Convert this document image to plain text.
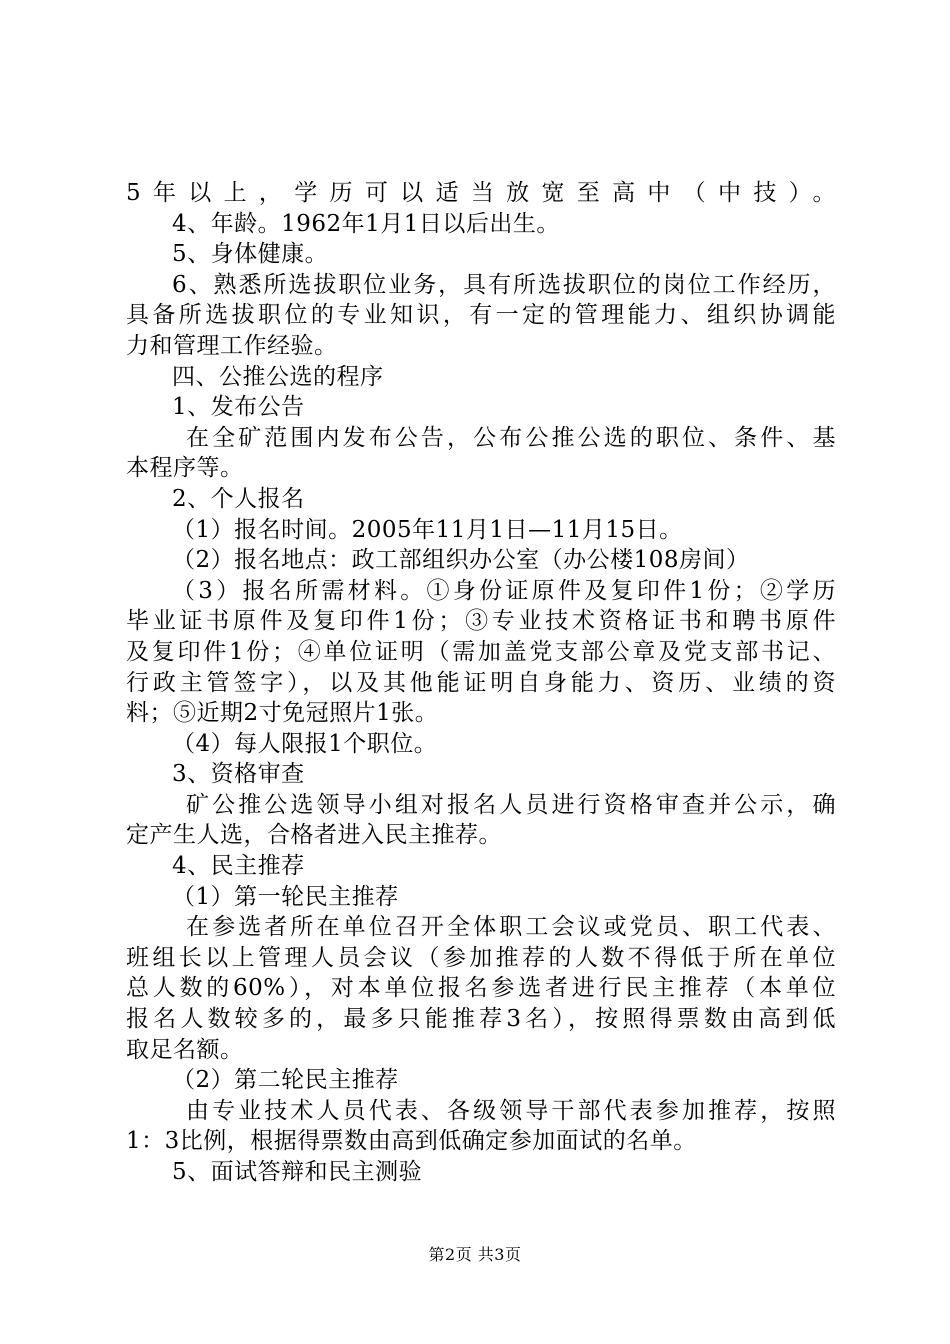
5年以上，学历可以适当放宽至高中（中技）。
4、年龄。1962年1月1日以后出生。
5、身体健康。
6、熟悉所选拔职位业务，具有所选拔职位的岗位工作经历，
具备所选拔职位的专业知识，有一定的管理能力、组织协调能
力和管理工作经验。
四、公推公选的程序
1、发布公告
在全矿范围内发布公告，公布公推公选的职位、条件、基
本程序等。
2、个人报名
（1）报名时间。2005年11月1日—11月15日。
（2）报名地点：政工部组织办公室（办公楼108房间）
（3）报名所需材料。①身份证原件及复印件1份；②学历
毕业证书原件及复印件1份；③专业技术资格证书和聘书原件
及复印件1份；④单位证明（需加盖党支部公章及党支部书记、
行政主管签字），以及其他能证明自身能力、资历、业绩的资
料；⑤近期2寸免冠照片1张。
（4）每人限报1个职位。
3、资格审查
矿公推公选领导小组对报名人员进行资格审查并公示，确
定产生人选，合格者进入民主推荐。
4、民主推荐
（1）第一轮民主推荐
在参选者所在单位召开全体职工会议或党员、职工代表、
班组长以上管理人员会议（参加推荐的人数不得低于所在单位
总人数的60%），对本单位报名参选者进行民主推荐（本单位
报名人数较多的，最多只能推荐3名），按照得票数由高到低
取足名额。
（2）第二轮民主推荐
由专业技术人员代表、各级领导干部代表参加推荐，按照
1：3比例，根据得票数由高到低确定参加面试的名单。
5、面试答辩和民主测验
第2页 共3页
